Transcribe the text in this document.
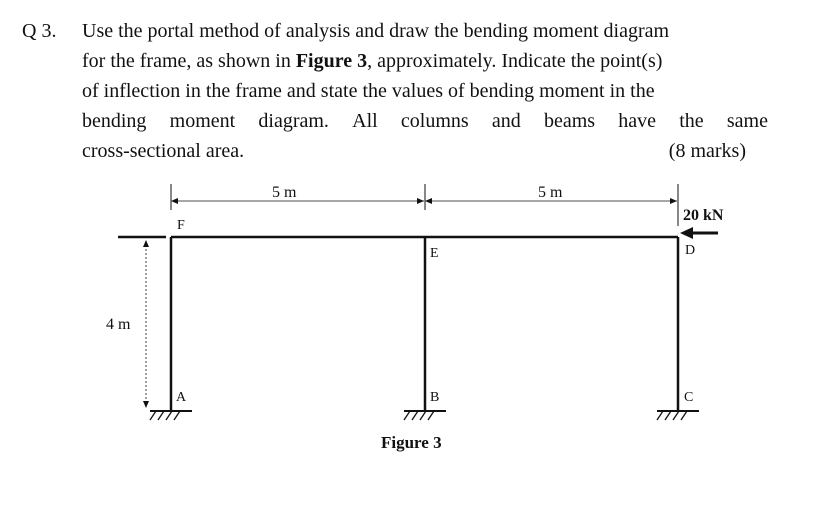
Q 3. Use the portal method of analysis and draw the bending moment diagram
for the frame, as shown in Figure 3, approximately. Indicate the point(s)
of inflection in the frame and state the values of bending moment in the
bending moment diagram. All columns and beams have the same
cross-sectional area.	(8 marks)
5 m	5 m
4 m
20 kN
F
E	D
A	B	C
Figure 3
